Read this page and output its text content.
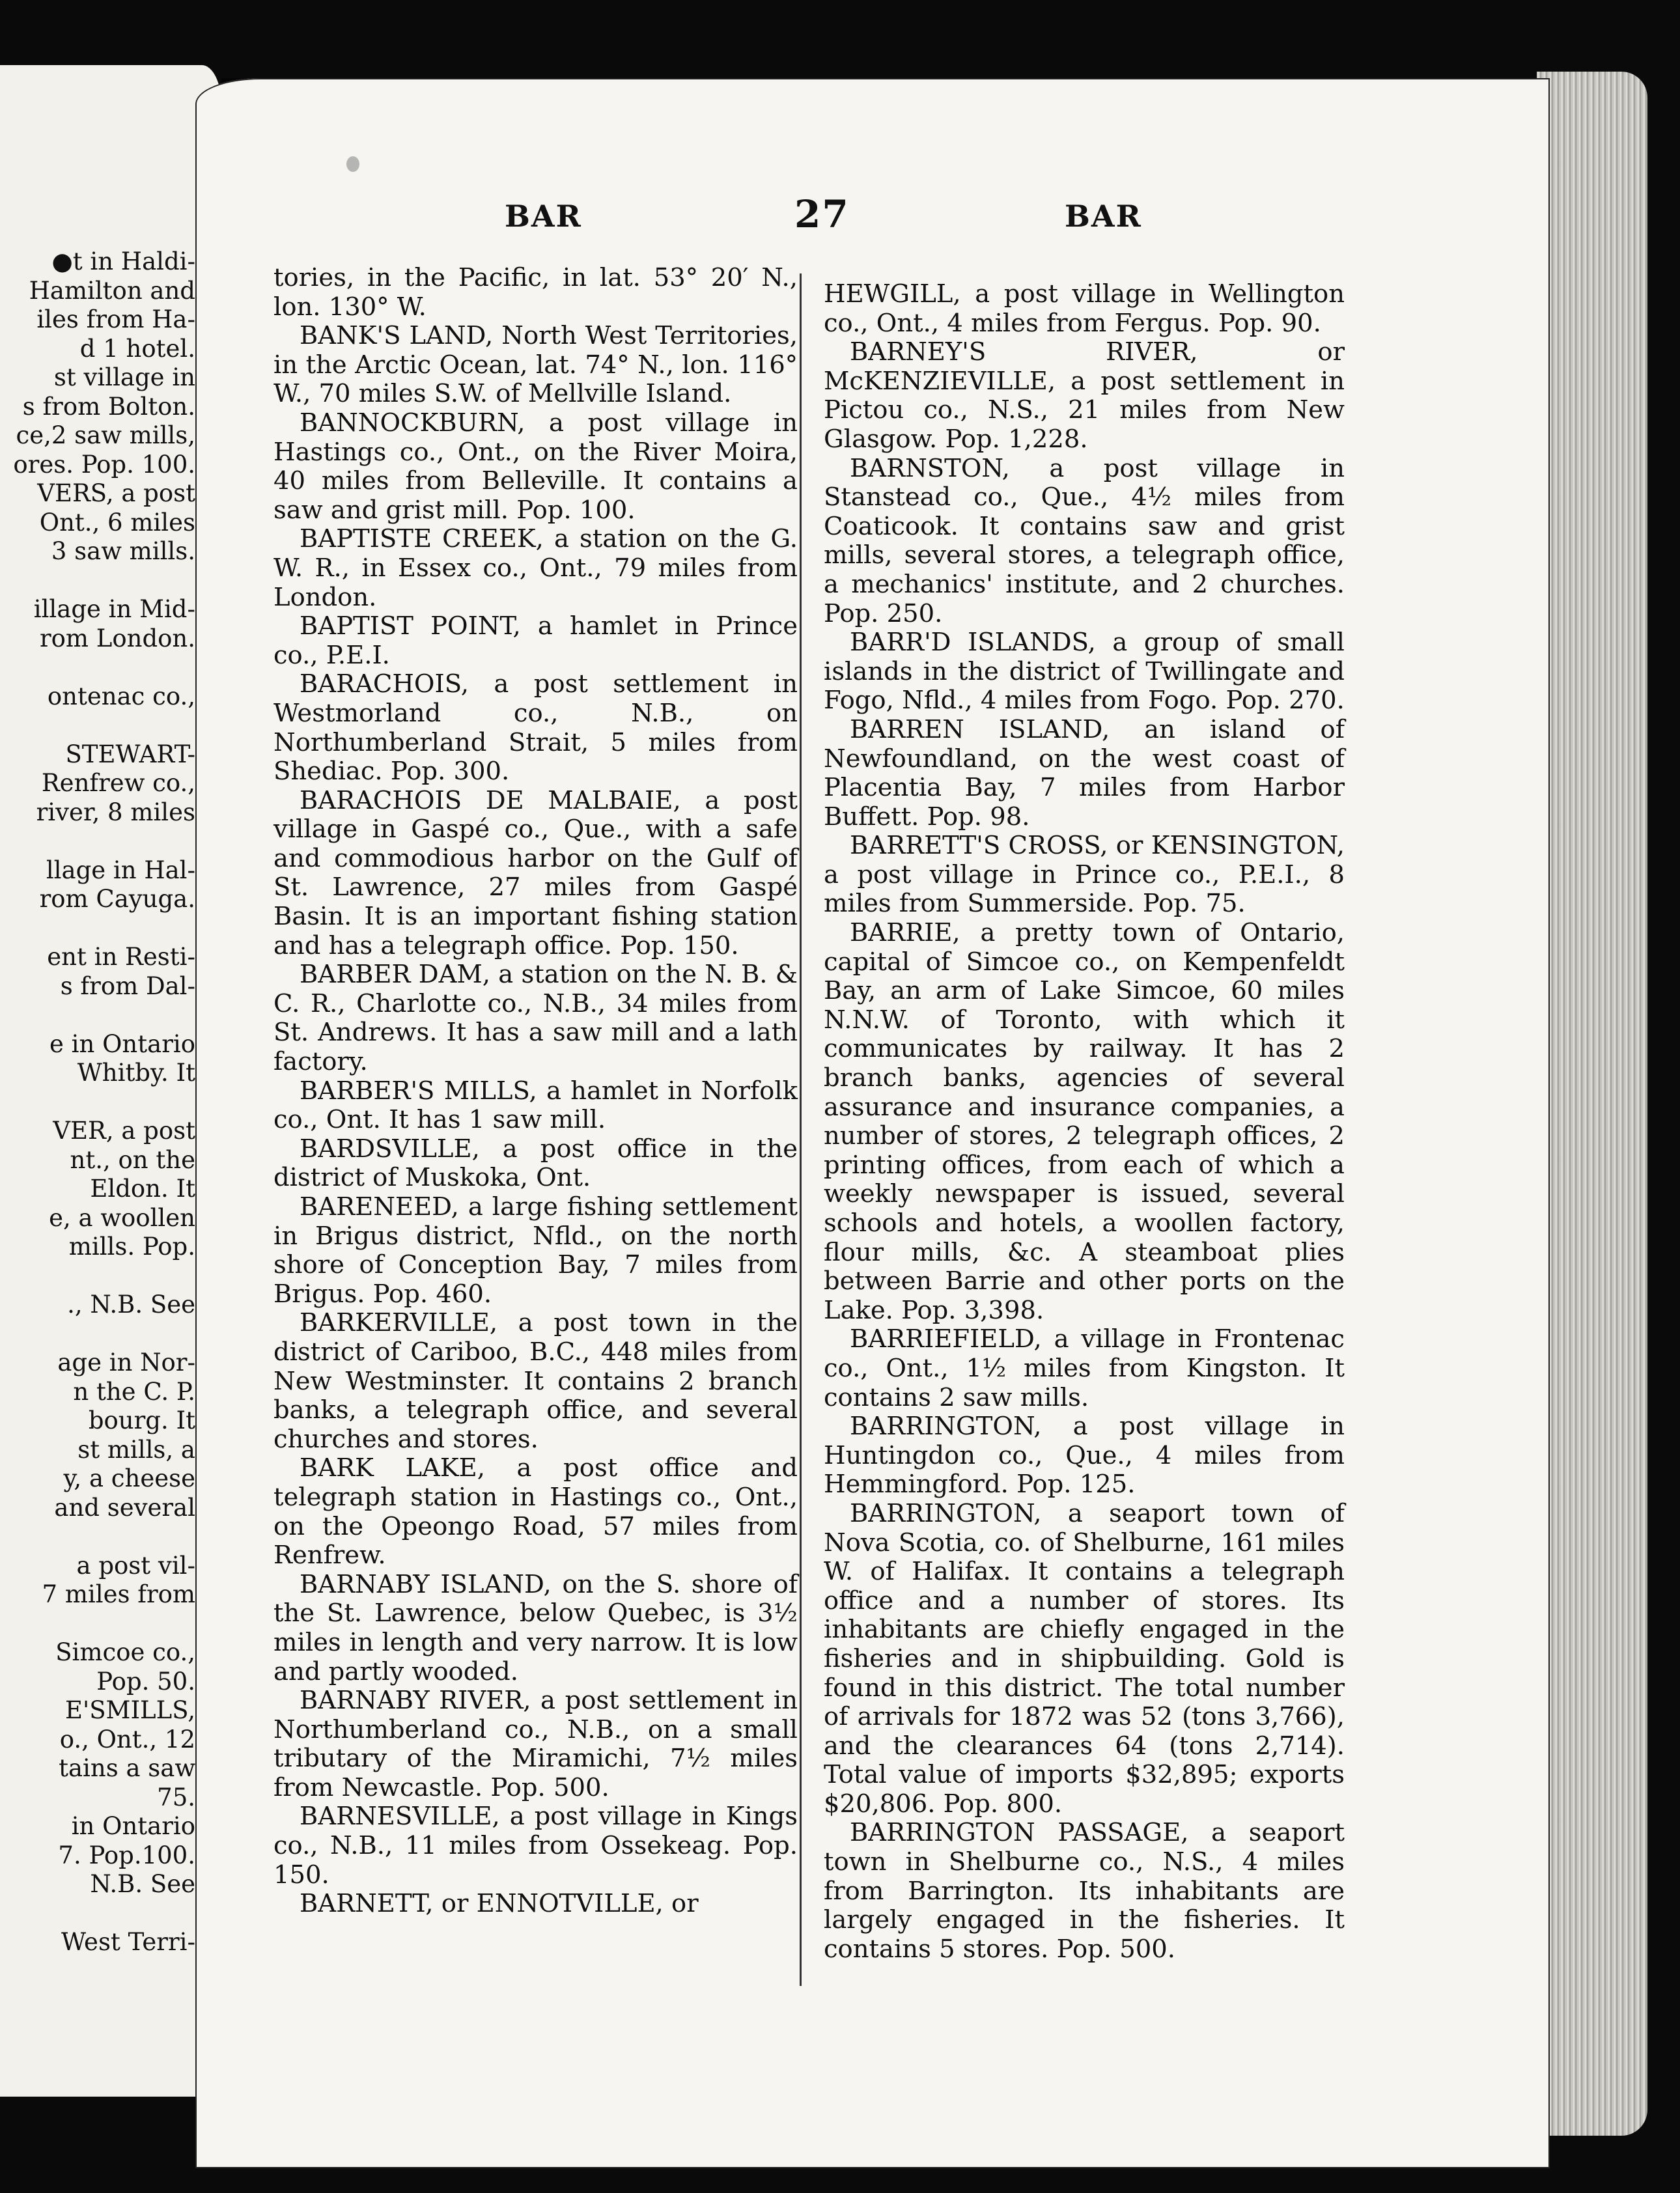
●t in Haldi-
Hamilton and
iles from Ha-
d 1 hotel.
st village in
s from Bolton.
ce,2 saw mills,
ores. Pop. 100.
VERS, a post
Ont., 6 miles
3 saw mills.

illage in Mid-
rom London.

ontenac co.,

STEWART-
Renfrew co.,
river, 8 miles

llage in Hal-
rom Cayuga.

ent in Resti-
s from Dal-

e in Ontario
Whitby. It

VER, a post
nt., on the
Eldon. It
e, a woollen
mills. Pop.

., N.B. See

age in Nor-
n the C. P.
bourg. It
st mills, a
y, a cheese
and several

a post vil-
7 miles from

Simcoe co.,
Pop. 50.
E'SMILLS,
o., Ont., 12
tains a saw
75.
in Ontario
7. Pop.100.
N.B. See

West Terri-
BAR	27	BAR

tories, in the Pacific, in lat. 53° 20′ N., lon. 130° W.

BANK'S LAND, North West Territories, in the Arctic Ocean, lat. 74° N., lon. 116° W., 70 miles S.W. of Mellville Island.

BANNOCKBURN, a post village in Hastings co., Ont., on the River Moira, 40 miles from Belleville. It contains a saw and grist mill. Pop. 100.

BAPTISTE CREEK, a station on the G. W. R., in Essex co., Ont., 79 miles from London.

BAPTIST POINT, a hamlet in Prince co., P.E.I.

BARACHOIS, a post settlement in Westmorland co., N.B., on Northumberland Strait, 5 miles from Shediac. Pop. 300.

BARACHOIS DE MALBAIE, a post village in Gaspé co., Que., with a safe and commodious harbor on the Gulf of St. Lawrence, 27 miles from Gaspé Basin. It is an important fishing station and has a telegraph office. Pop. 150.

BARBER DAM, a station on the N. B. & C. R., Charlotte co., N.B., 34 miles from St. Andrews. It has a saw mill and a lath factory.

BARBER'S MILLS, a hamlet in Norfolk co., Ont. It has 1 saw mill.

BARDSVILLE, a post office in the district of Muskoka, Ont.

BARENEED, a large fishing settlement in Brigus district, Nfld., on the north shore of Conception Bay, 7 miles from Brigus. Pop. 460.

BARKERVILLE, a post town in the district of Cariboo, B.C., 448 miles from New Westminster. It contains 2 branch banks, a telegraph office, and several churches and stores.

BARK LAKE, a post office and telegraph station in Hastings co., Ont., on the Opeongo Road, 57 miles from Renfrew.

BARNABY ISLAND, on the S. shore of the St. Lawrence, below Quebec, is 3½ miles in length and very narrow. It is low and partly wooded.

BARNABY RIVER, a post settlement in Northumberland co., N.B., on a small tributary of the Miramichi, 7½ miles from Newcastle. Pop. 500.

BARNESVILLE, a post village in Kings co., N.B., 11 miles from Ossekeag. Pop. 150.

BARNETT, or ENNOTVILLE, or

HEWGILL, a post village in Wellington co., Ont., 4 miles from Fergus. Pop. 90.

BARNEY'S RIVER, or McKENZIEVILLE, a post settlement in Pictou co., N.S., 21 miles from New Glasgow. Pop. 1,228.

BARNSTON, a post village in Stanstead co., Que., 4½ miles from Coaticook. It contains saw and grist mills, several stores, a telegraph office, a mechanics' institute, and 2 churches. Pop. 250.

BARR'D ISLANDS, a group of small islands in the district of Twillingate and Fogo, Nfld., 4 miles from Fogo. Pop. 270.

BARREN ISLAND, an island of Newfoundland, on the west coast of Placentia Bay, 7 miles from Harbor Buffett. Pop. 98.

BARRETT'S CROSS, or KENSINGTON, a post village in Prince co., P.E.I., 8 miles from Summerside. Pop. 75.

BARRIE, a pretty town of Ontario, capital of Simcoe co., on Kempenfeldt Bay, an arm of Lake Simcoe, 60 miles N.N.W. of Toronto, with which it communicates by railway. It has 2 branch banks, agencies of several assurance and insurance companies, a number of stores, 2 telegraph offices, 2 printing offices, from each of which a weekly newspaper is issued, several schools and hotels, a woollen factory, flour mills, &c. A steamboat plies between Barrie and other ports on the Lake. Pop. 3,398.

BARRIEFIELD, a village in Frontenac co., Ont., 1½ miles from Kingston. It contains 2 saw mills.

BARRINGTON, a post village in Huntingdon co., Que., 4 miles from Hemmingford. Pop. 125.

BARRINGTON, a seaport town of Nova Scotia, co. of Shelburne, 161 miles W. of Halifax. It contains a telegraph office and a number of stores. Its inhabitants are chiefly engaged in the fisheries and in shipbuilding. Gold is found in this district. The total number of arrivals for 1872 was 52 (tons 3,766), and the clearances 64 (tons 2,714). Total value of imports $32,895; exports $20,806. Pop. 800.

BARRINGTON PASSAGE, a seaport town in Shelburne co., N.S., 4 miles from Barrington. Its inhabitants are largely engaged in the fisheries. It contains 5 stores. Pop. 500.
